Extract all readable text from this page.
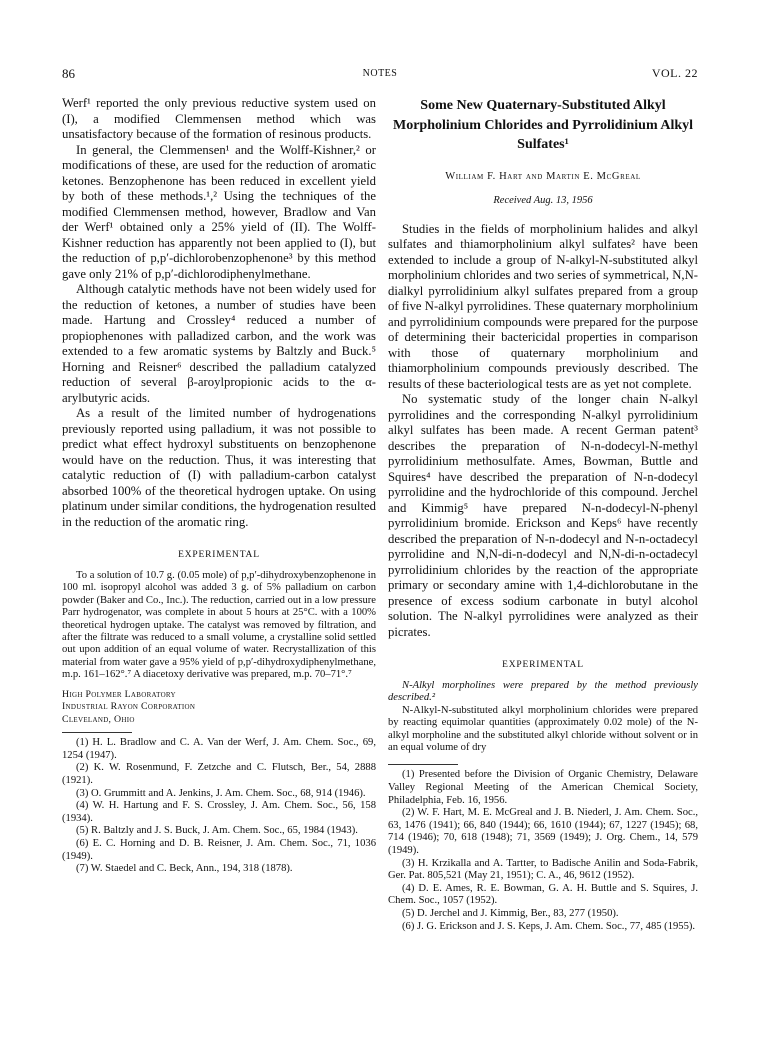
86	NOTES	VOL. 22

Werf¹ reported the only previous reductive system used on (I), a modified Clemmensen method which was unsatisfactory because of the formation of resinous products.

In general, the Clemmensen¹ and the Wolff-Kishner,² or modifications of these, are used for the reduction of aromatic ketones. Benzophenone has been reduced in excellent yield by both of these methods.¹,² Using the techniques of the modified Clemmensen method, however, Bradlow and Van der Werf¹ obtained only a 25% yield of (II). The Wolff-Kishner reduction has apparently not been applied to (I), but the reduction of p,p′-dichlorobenzophenone³ by this method gave only 21% of p,p′-dichlorodiphenylmethane.

Although catalytic methods have not been widely used for the reduction of ketones, a number of studies have been made. Hartung and Crossley⁴ reduced a number of propiophenones with palladized carbon, and the work was extended to a few aromatic systems by Baltzly and Buck.⁵ Horning and Reisner⁶ described the palladium catalyzed reduction of several β-aroylpropionic acids to the α-arylbutyric acids.

As a result of the limited number of hydrogenations previously reported using palladium, it was not possible to predict what effect hydroxyl substituents on benzophenone would have on the reduction. Thus, it was interesting that catalytic reduction of (I) with palladium-carbon catalyst absorbed 100% of the theoretical hydrogen uptake. On using platinum under similar conditions, the hydrogenation resulted in the reduction of the aromatic ring.

EXPERIMENTAL

To a solution of 10.7 g. (0.05 mole) of p,p′-dihydroxybenzophenone in 100 ml. isopropyl alcohol was added 3 g. of 5% palladium on carbon powder (Baker and Co., Inc.). The reduction, carried out in a low pressure Parr hydrogenator, was complete in about 5 hours at 25°C. with a 100% theoretical hydrogen uptake. The catalyst was removed by filtration, and after the filtrate was reduced to a small volume, a crystalline solid settled out upon addition of an equal volume of water. Recrystallization of this material from water gave a 95% yield of p,p′-dihydroxydiphenylmethane, m.p. 161–162°.⁷ A diacetoxy derivative was prepared, m.p. 70–71°.⁷

High Polymer Laboratory

Industrial Rayon Corporation

Cleveland, Ohio

(1) H. L. Bradlow and C. A. Van der Werf, J. Am. Chem. Soc., 69, 1254 (1947).

(2) K. W. Rosenmund, F. Zetzche and C. Flutsch, Ber., 54, 2888 (1921).

(3) O. Grummitt and A. Jenkins, J. Am. Chem. Soc., 68, 914 (1946).

(4) W. H. Hartung and F. S. Crossley, J. Am. Chem. Soc., 56, 158 (1934).

(5) R. Baltzly and J. S. Buck, J. Am. Chem. Soc., 65, 1984 (1943).

(6) E. C. Horning and D. B. Reisner, J. Am. Chem. Soc., 71, 1036 (1949).

(7) W. Staedel and C. Beck, Ann., 194, 318 (1878).

Some New Quaternary-Substituted Alkyl Morpholinium Chlorides and Pyrrolidinium Alkyl Sulfates¹

William F. Hart and Martin E. McGreal

Received Aug. 13, 1956

Studies in the fields of morpholinium halides and alkyl sulfates and thiamorpholinium alkyl sulfates² have been extended to include a group of N-alkyl-N-substituted alkyl morpholinium chlorides and two series of symmetrical, N,N-dialkyl pyrrolidinium alkyl sulfates prepared from a group of five N-alkyl pyrrolidines. These quaternary morpholinium and pyrrolidinium compounds were prepared for the purpose of determining their bactericidal properties in comparison with those of quaternary morpholinium and thiamorpholinium compounds previously described. The results of these bacteriological tests are as yet not complete.

No systematic study of the longer chain N-alkyl pyrrolidines and the corresponding N-alkyl pyrrolidinium alkyl sulfates has been made. A recent German patent³ describes the preparation of N-n-dodecyl-N-methyl pyrrolidinium methosulfate. Ames, Bowman, Buttle and Squires⁴ have described the preparation of N-n-dodecyl pyrrolidine and the hydrochloride of this compound. Jerchel and Kimmig⁵ have prepared N-n-dodecyl-N-phenyl pyrrolidinium bromide. Erickson and Keps⁶ have recently described the preparation of N-n-dodecyl and N-n-octadecyl pyrrolidine and N,N-di-n-dodecyl and N,N-di-n-octadecyl pyrrolidinium chlorides by the reaction of the appropriate primary or secondary amine with 1,4-dichlorobutane in the presence of excess sodium carbonate in butyl alcohol solution. The N-alkyl pyrrolidines were analyzed as their picrates.

EXPERIMENTAL

N-Alkyl morpholines were prepared by the method previously described.²

N-Alkyl-N-substituted alkyl morpholinium chlorides were prepared by reacting equimolar quantities (approximately 0.02 mole) of the N-alkyl morpholine and the substituted alkyl chloride without solvent or in an equal volume of dry

(1) Presented before the Division of Organic Chemistry, Delaware Valley Regional Meeting of the American Chemical Society, Philadelphia, Feb. 16, 1956.

(2) W. F. Hart, M. E. McGreal and J. B. Niederl, J. Am. Chem. Soc., 63, 1476 (1941); 66, 840 (1944); 66, 1610 (1944); 67, 1227 (1945); 68, 714 (1946); 70, 618 (1948); 71, 3569 (1949); J. Org. Chem., 14, 579 (1949).

(3) H. Krzikalla and A. Tartter, to Badische Anilin and Soda-Fabrik, Ger. Pat. 805,521 (May 21, 1951); C. A., 46, 9612 (1952).

(4) D. E. Ames, R. E. Bowman, G. A. H. Buttle and S. Squires, J. Chem. Soc., 1057 (1952).

(5) D. Jerchel and J. Kimmig, Ber., 83, 277 (1950).

(6) J. G. Erickson and J. S. Keps, J. Am. Chem. Soc., 77, 485 (1955).
